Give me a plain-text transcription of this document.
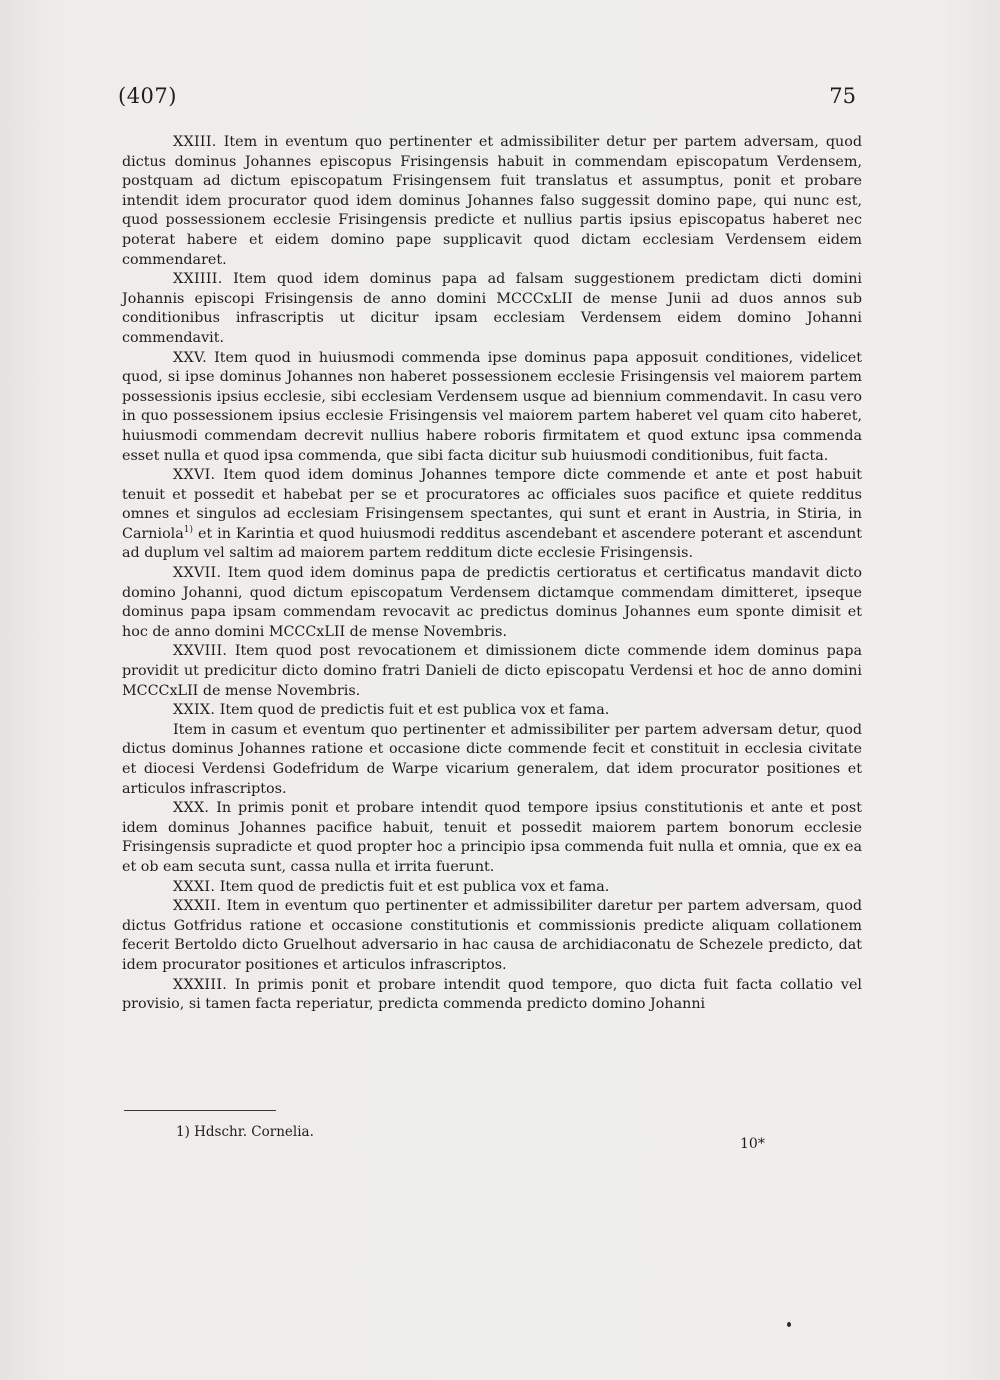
(407)	75

XXIII. Item in eventum quo pertinenter et admissibiliter detur per partem adversam, quod dictus dominus Johannes episcopus Frisingensis habuit in commendam episcopatum Verdensem, postquam ad dictum episcopatum Frisingensem fuit translatus et assumptus, ponit et probare intendit idem procurator quod idem dominus Johannes falso suggessit domino pape, qui nunc est, quod possessionem ecclesie Frisingensis predicte et nullius partis ipsius episcopatus haberet nec poterat habere et eidem domino pape supplicavit quod dictam ecclesiam Verdensem eidem commendaret.

XXIIII. Item quod idem dominus papa ad falsam suggestionem predictam dicti domini Johannis episcopi Frisingensis de anno domini MCCCxLII de mense Junii ad duos annos sub conditionibus infrascriptis ut dicitur ipsam ecclesiam Verdensem eidem domino Johanni commendavit.

XXV. Item quod in huiusmodi commenda ipse dominus papa apposuit conditiones, videlicet quod, si ipse dominus Johannes non haberet possessionem ecclesie Frisingensis vel maiorem partem possessionis ipsius ecclesie, sibi ecclesiam Verdensem usque ad biennium commendavit. In casu vero in quo possessionem ipsius ecclesie Frisingensis vel maiorem partem haberet vel quam cito haberet, huiusmodi commendam decrevit nullius habere roboris firmitatem et quod extunc ipsa commenda esset nulla et quod ipsa commenda, que sibi facta dicitur sub huiusmodi conditionibus, fuit facta.

XXVI. Item quod idem dominus Johannes tempore dicte commende et ante et post habuit tenuit et possedit et habebat per se et procuratores ac officiales suos pacifice et quiete redditus omnes et singulos ad ecclesiam Frisingensem spectantes, qui sunt et erant in Austria, in Stiria, in Carniola$^{1)}$ et in Karintia et quod huiusmodi redditus ascendebant et ascendere poterant et ascendunt ad duplum vel saltim ad maiorem partem redditum dicte ecclesie Frisingensis.

XXVII. Item quod idem dominus papa de predictis certioratus et certificatus mandavit dicto domino Johanni, quod dictum episcopatum Verdensem dictamque commendam dimitteret, ipseque dominus papa ipsam commendam revocavit ac predictus dominus Johannes eum sponte dimisit et hoc de anno domini MCCCxLII de mense Novembris.

XXVIII. Item quod post revocationem et dimissionem dicte commende idem dominus papa providit ut predicitur dicto domino fratri Danieli de dicto episcopatu Verdensi et hoc de anno domini MCCCxLII de mense Novembris.

XXIX. Item quod de predictis fuit et est publica vox et fama.

Item in casum et eventum quo pertinenter et admissibiliter per partem adversam detur, quod dictus dominus Johannes ratione et occasione dicte commende fecit et constituit in ecclesia civitate et diocesi Verdensi Godefridum de Warpe vicarium generalem, dat idem procurator positiones et articulos infrascriptos.

XXX. In primis ponit et probare intendit quod tempore ipsius constitutionis et ante et post idem dominus Johannes pacifice habuit, tenuit et possedit maiorem partem bonorum ecclesie Frisingensis supradicte et quod propter hoc a principio ipsa commenda fuit nulla et omnia, que ex ea et ob eam secuta sunt, cassa nulla et irrita fuerunt.

XXXI. Item quod de predictis fuit et est publica vox et fama.

XXXII. Item in eventum quo pertinenter et admissibiliter daretur per partem adversam, quod dictus Gotfridus ratione et occasione constitutionis et commissionis predicte aliquam collationem fecerit Bertoldo dicto Gruelhout adversario in hac causa de archidiaconatu de Schezele predicto, dat idem procurator positiones et articulos infrascriptos.

XXXIII. In primis ponit et probare intendit quod tempore, quo dicta fuit facta collatio vel provisio, si tamen facta reperiatur, predicta commenda predicto domino Johanni

1) Hdschr. Cornelia.
10*
